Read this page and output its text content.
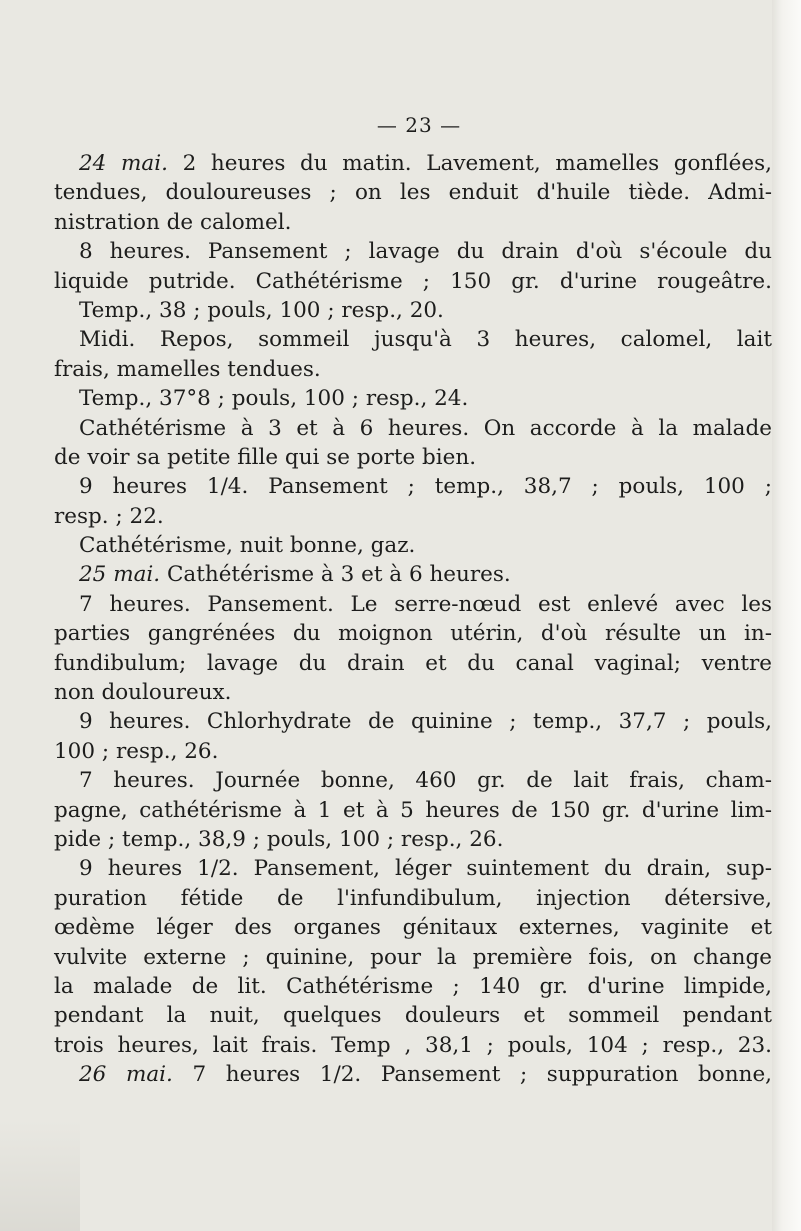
— 23 —
24 mai. 2 heures du matin. Lavement, mamelles gonflées,
tendues, douloureuses ; on les enduit d'huile tiède. Admi-
nistration de calomel.
8 heures. Pansement ; lavage du drain d'où s'écoule du
liquide putride. Cathétérisme ; 150 gr. d'urine rougeâtre.
Temp., 38 ; pouls, 100 ; resp., 20.
Midi. Repos, sommeil jusqu'à 3 heures, calomel, lait
frais, mamelles tendues.
Temp., 37°8 ; pouls, 100 ; resp., 24.
Cathétérisme à 3 et à 6 heures. On accorde à la malade
de voir sa petite fille qui se porte bien.
9 heures 1/4. Pansement ; temp., 38,7 ; pouls, 100 ;
resp. ; 22.
Cathétérisme, nuit bonne, gaz.
25 mai. Cathétérisme à 3 et à 6 heures.
7 heures. Pansement. Le serre-nœud est enlevé avec les
parties gangrénées du moignon utérin, d'où résulte un in-
fundibulum; lavage du drain et du canal vaginal; ventre
non douloureux.
9 heures. Chlorhydrate de quinine ; temp., 37,7 ; pouls,
100 ; resp., 26.
7 heures. Journée bonne, 460 gr. de lait frais, cham-
pagne, cathétérisme à 1 et à 5 heures de 150 gr. d'urine lim-
pide ; temp., 38,9 ; pouls, 100 ; resp., 26.
9 heures 1/2. Pansement, léger suintement du drain, sup-
puration fétide de l'infundibulum, injection détersive,
œdème léger des organes génitaux externes, vaginite et
vulvite externe ; quinine, pour la première fois, on change
la malade de lit. Cathétérisme ; 140 gr. d'urine limpide,
pendant la nuit, quelques douleurs et sommeil pendant
trois heures, lait frais. Temp , 38,1 ; pouls, 104 ; resp., 23.
26 mai. 7 heures 1/2. Pansement ; suppuration bonne,
